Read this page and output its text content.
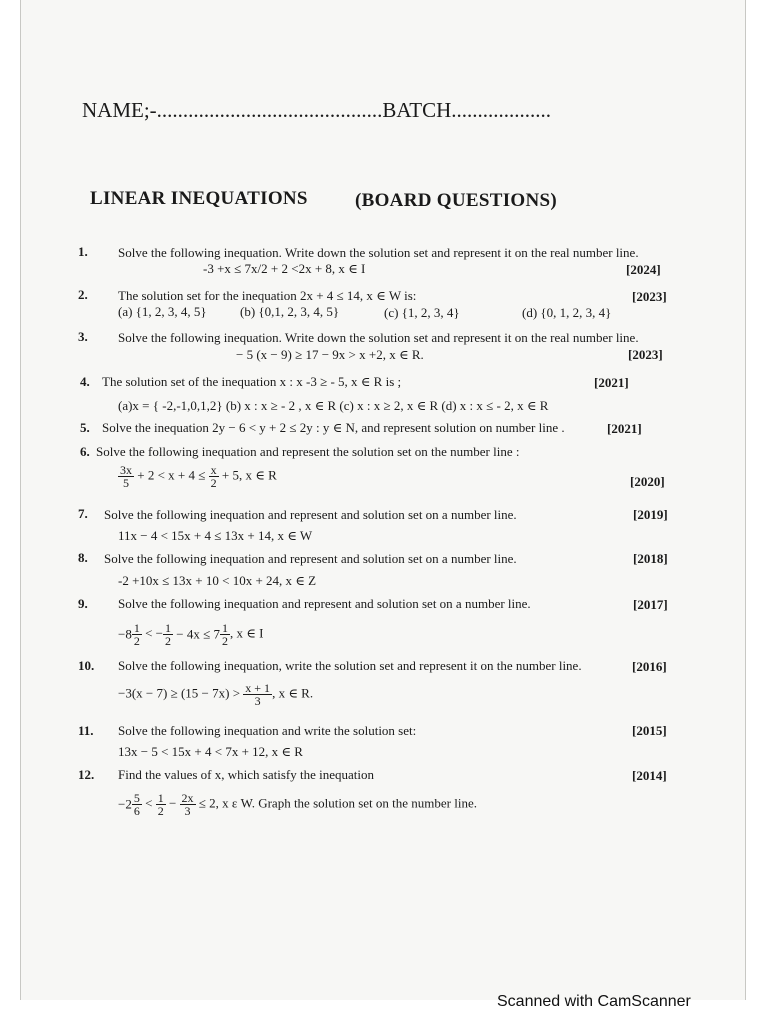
NAME;-...........................................BATCH...................
LINEAR INEQUATIONS (BOARD QUESTIONS)
1. Solve the following inequation. Write down the solution set and represent it on the real number line.
-3 +x ≤ 7x/2 + 2 <2x + 8, x ∈ I	[2024]
2. The solution set for the inequation 2x + 4 ≤ 14, x ∈ W is:	[2023]
(a) {1, 2, 3, 4, 5}	(b) {0,1, 2, 3, 4, 5}	(c) {1, 2, 3, 4}	(d) {0, 1, 2, 3, 4}
3. Solve the following inequation. Write down the solution set and represent it on the real number line.
− 5 (x − 9) ≥ 17 − 9x > x +2, x ∈ R.	[2023]
4. The solution set of the inequation x : x -3 ≥ - 5, x ∈ R is ;	[2021]
(a)x = { -2,-1,0,1,2} (b) x : x ≥ - 2 , x ∈ R (c) x : x ≥ 2, x ∈ R (d) x : x ≤ - 2, x ∈ R
5. Solve the inequation 2y − 6 < y + 2 ≤ 2y : y ∈ N, and represent solution on number line .	[2021]
6. Solve the following inequation and represent the solution set on the number line :
$\frac{3x}{5} + 2 < x + 4 \le \frac{x}{2} + 5$, x ∈ R	[2020]
7. Solve the following inequation and represent and solution set on a number line.	[2019]
11x − 4 < 15x + 4 ≤ 13x + 14, x ∈ W
8. Solve the following inequation and represent and solution set on a number line.	[2018]
-2 +10x ≤ 13x + 10 < 10x + 24, x ∈ Z
9. Solve the following inequation and represent and solution set on a number line.	[2017]
$-8 \frac{1}{2}$ < − $\frac{1}{2} - 4x \le 7 \frac{1}{2}$ , x ∈ I
10. Solve the following inequation, write the solution set and represent it on the number line.	[2016]
$-3(x - 7) \ge (15 - 7x) > \frac{x + 1}{3}$ , x ∈ R.
11. Solve the following inequation and write the solution set:	[2015]
13x − 5 < 15x + 4 < 7x + 12, x ∈ R
12. Find the values of x, which satisfy the inequation	[2014]
$-2 \frac{5}{6} < \frac{1}{2} - \frac{2x}{3} \le 2$, x ε W. Graph the solution set on the number line.
Scanned with CamScanner
